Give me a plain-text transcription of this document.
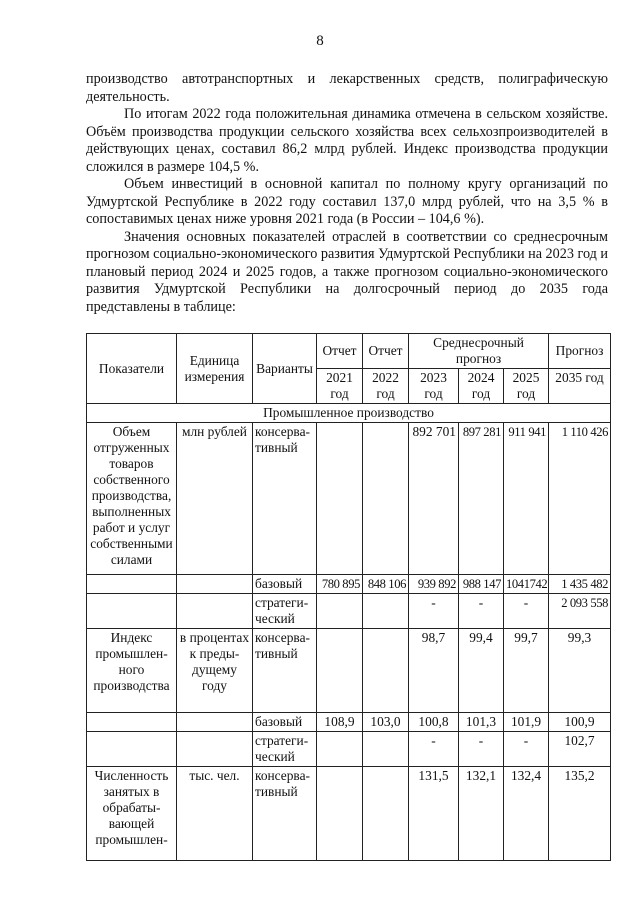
8

производство автотранспортных и лекарственных средств, полиграфическую деятельность.

По итогам 2022 года положительная динамика отмечена в сельском хозяйстве. Объём производства продукции сельского хозяйства всех сельхозпроизводителей в действующих ценах, составил 86,2 млрд рублей. Индекс производства продукции сложился в размере 104,5 %.

Объем инвестиций в основной капитал по полному кругу организаций по Удмуртской Республике в 2022 году составил 137,0 млрд рублей, что на 3,5 % в сопоставимых ценах ниже уровня 2021 года (в России – 104,6 %).

Значения основных показателей отраслей в соответствии со среднесрочным прогнозом социально-экономического развития Удмуртской Республики на 2023 год и плановый период 2024 и 2025 годов, а также прогнозом социально-экономического развития Удмуртской Республики на долгосрочный период до 2035 года представлены в таблице:

Показатели	Единица измерения	Варианты	Отчет	Отчет	Среднесрочный прогноз			Прогноз
			2021 год	2022 год	2023 год	2024 год	2025 год	2035 год
Промышленное производство								
Объем отгруженных товаров собственного производства, выполненных работ и услуг собственными силами	млн рублей	консерва-тивный			892 701	897 281	911 941	1 110 426
		базовый	780 895	848 106	939 892	988 147	1041742	1 435 482
		стратеги-ческий			-	-	-	2 093 558
Индекс промышлен-ного производства	в процентах к преды-дущему году	консерва-тивный			98,7	99,4	99,7	99,3
		базовый	108,9	103,0	100,8	101,3	101,9	100,9
		стратеги-ческий			-	-	-	102,7
Численность занятых в обрабаты-вающей промышлен-	тыс. чел.	консерва-тивный			131,5	132,1	132,4	135,2
